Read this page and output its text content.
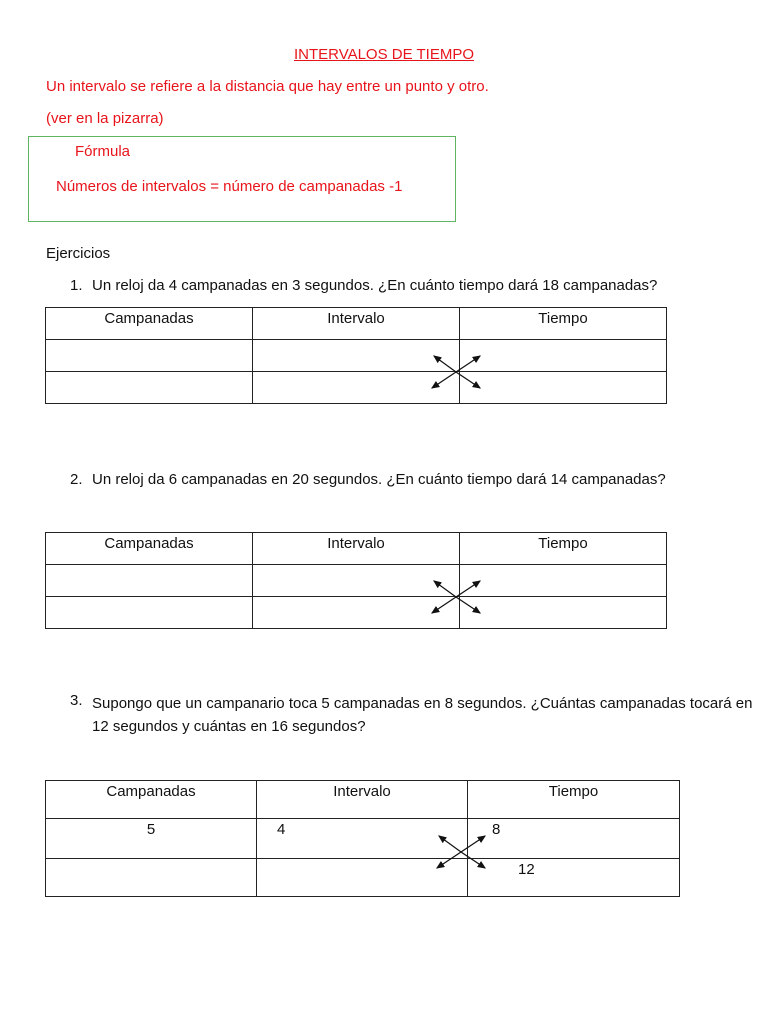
INTERVALOS DE TIEMPO
Un intervalo se refiere a la distancia que hay entre un punto y otro.
(ver en la pizarra)
Fórmula
Números de intervalos = número de campanadas -1
Ejercicios
1. Un reloj da 4 campanadas en 3 segundos. ¿En cuánto tiempo dará 18 campanadas?
Campanadas	Intervalo	Tiempo

2. Un reloj da 6 campanadas en 20 segundos. ¿En cuánto tiempo dará 14 campanadas?
Campanadas	Intervalo	Tiempo

3. Supongo que un campanario toca 5 campanadas en 8 segundos. ¿Cuántas campanadas tocará en 12 segundos y cuántas en 16 segundos?
Campanadas	Intervalo	Tiempo

5	4	8

		12
